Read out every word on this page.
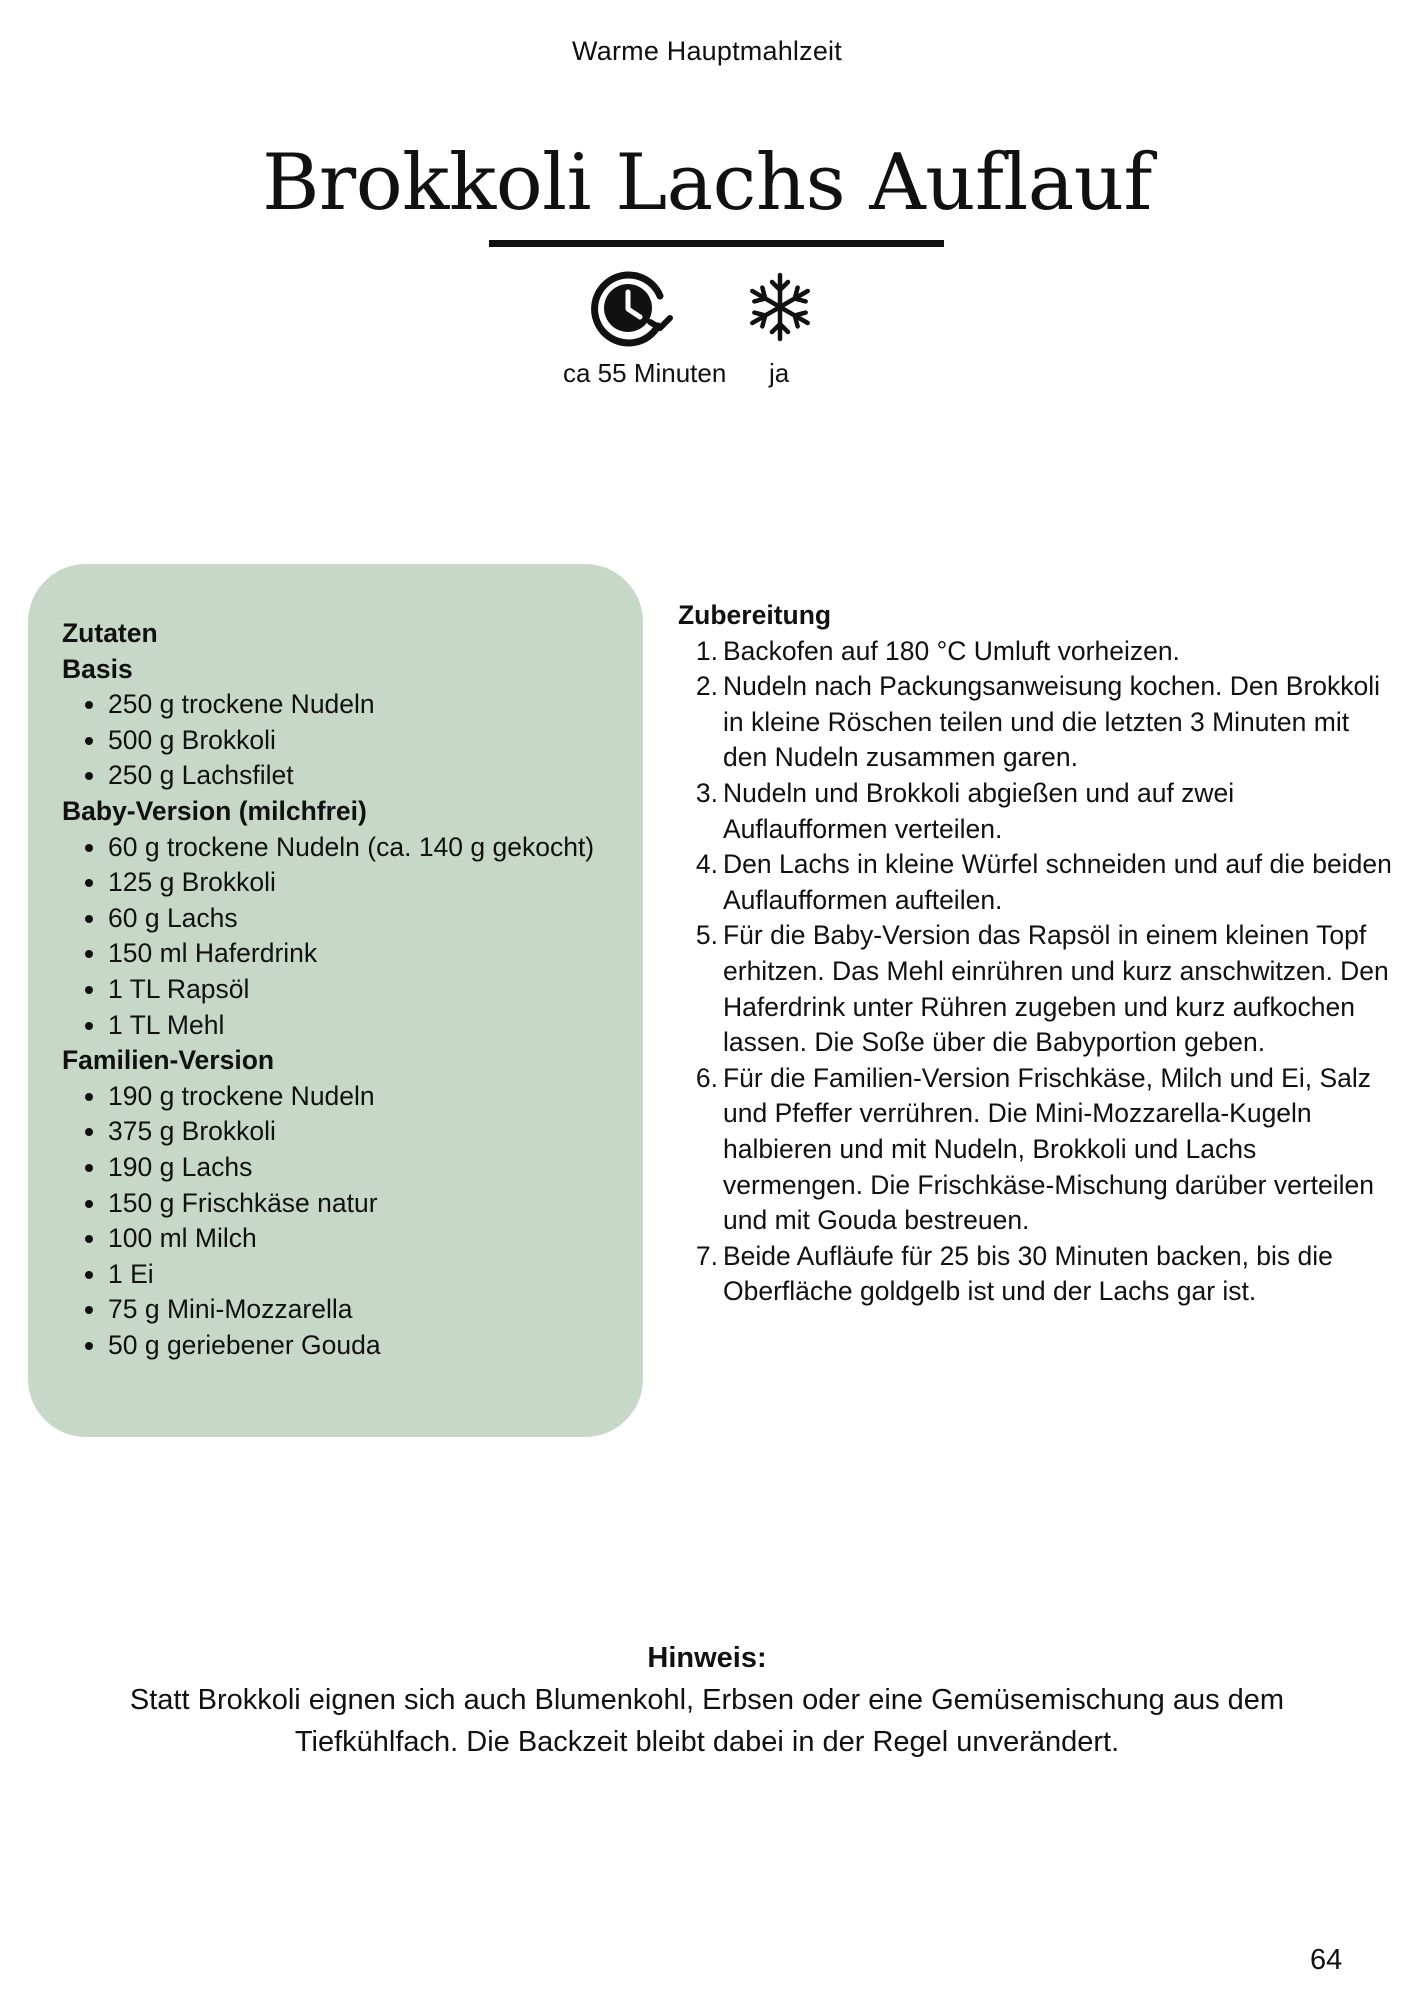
Warme Hauptmahlzeit
Brokkoli Lachs Auflauf
ca 55 Minuten ja
Zutaten
Basis
• 250 g trockene Nudeln
• 500 g Brokkoli
• 250 g Lachsfilet
Baby-Version (milchfrei)
• 60 g trockene Nudeln (ca. 140 g gekocht)
• 125 g Brokkoli
• 60 g Lachs
• 150 ml Haferdrink
• 1 TL Rapsöl
• 1 TL Mehl
Familien-Version
• 190 g trockene Nudeln
• 375 g Brokkoli
• 190 g Lachs
• 150 g Frischkäse natur
• 100 ml Milch
• 1 Ei
• 75 g Mini-Mozzarella
• 50 g geriebener Gouda
Zubereitung
1. Backofen auf 180 °C Umluft vorheizen.
2. Nudeln nach Packungsanweisung kochen. Den Brokkoli in kleine Röschen teilen und die letzten 3 Minuten mit den Nudeln zusammen garen.
3. Nudeln und Brokkoli abgießen und auf zwei Auflaufformen verteilen.
4. Den Lachs in kleine Würfel schneiden und auf die beiden Auflaufformen aufteilen.
5. Für die Baby-Version das Rapsöl in einem kleinen Topf erhitzen. Das Mehl einrühren und kurz anschwitzen. Den Haferdrink unter Rühren zugeben und kurz aufkochen lassen. Die Soße über die Babyportion geben.
6. Für die Familien-Version Frischkäse, Milch und Ei, Salz und Pfeffer verrühren. Die Mini-Mozzarella-Kugeln halbieren und mit Nudeln, Brokkoli und Lachs vermengen. Die Frischkäse-Mischung darüber verteilen und mit Gouda bestreuen.
7. Beide Aufläufe für 25 bis 30 Minuten backen, bis die Oberfläche goldgelb ist und der Lachs gar ist.
Hinweis:
Statt Brokkoli eignen sich auch Blumenkohl, Erbsen oder eine Gemüsemischung aus dem Tiefkühlfach. Die Backzeit bleibt dabei in der Regel unverändert.
64
